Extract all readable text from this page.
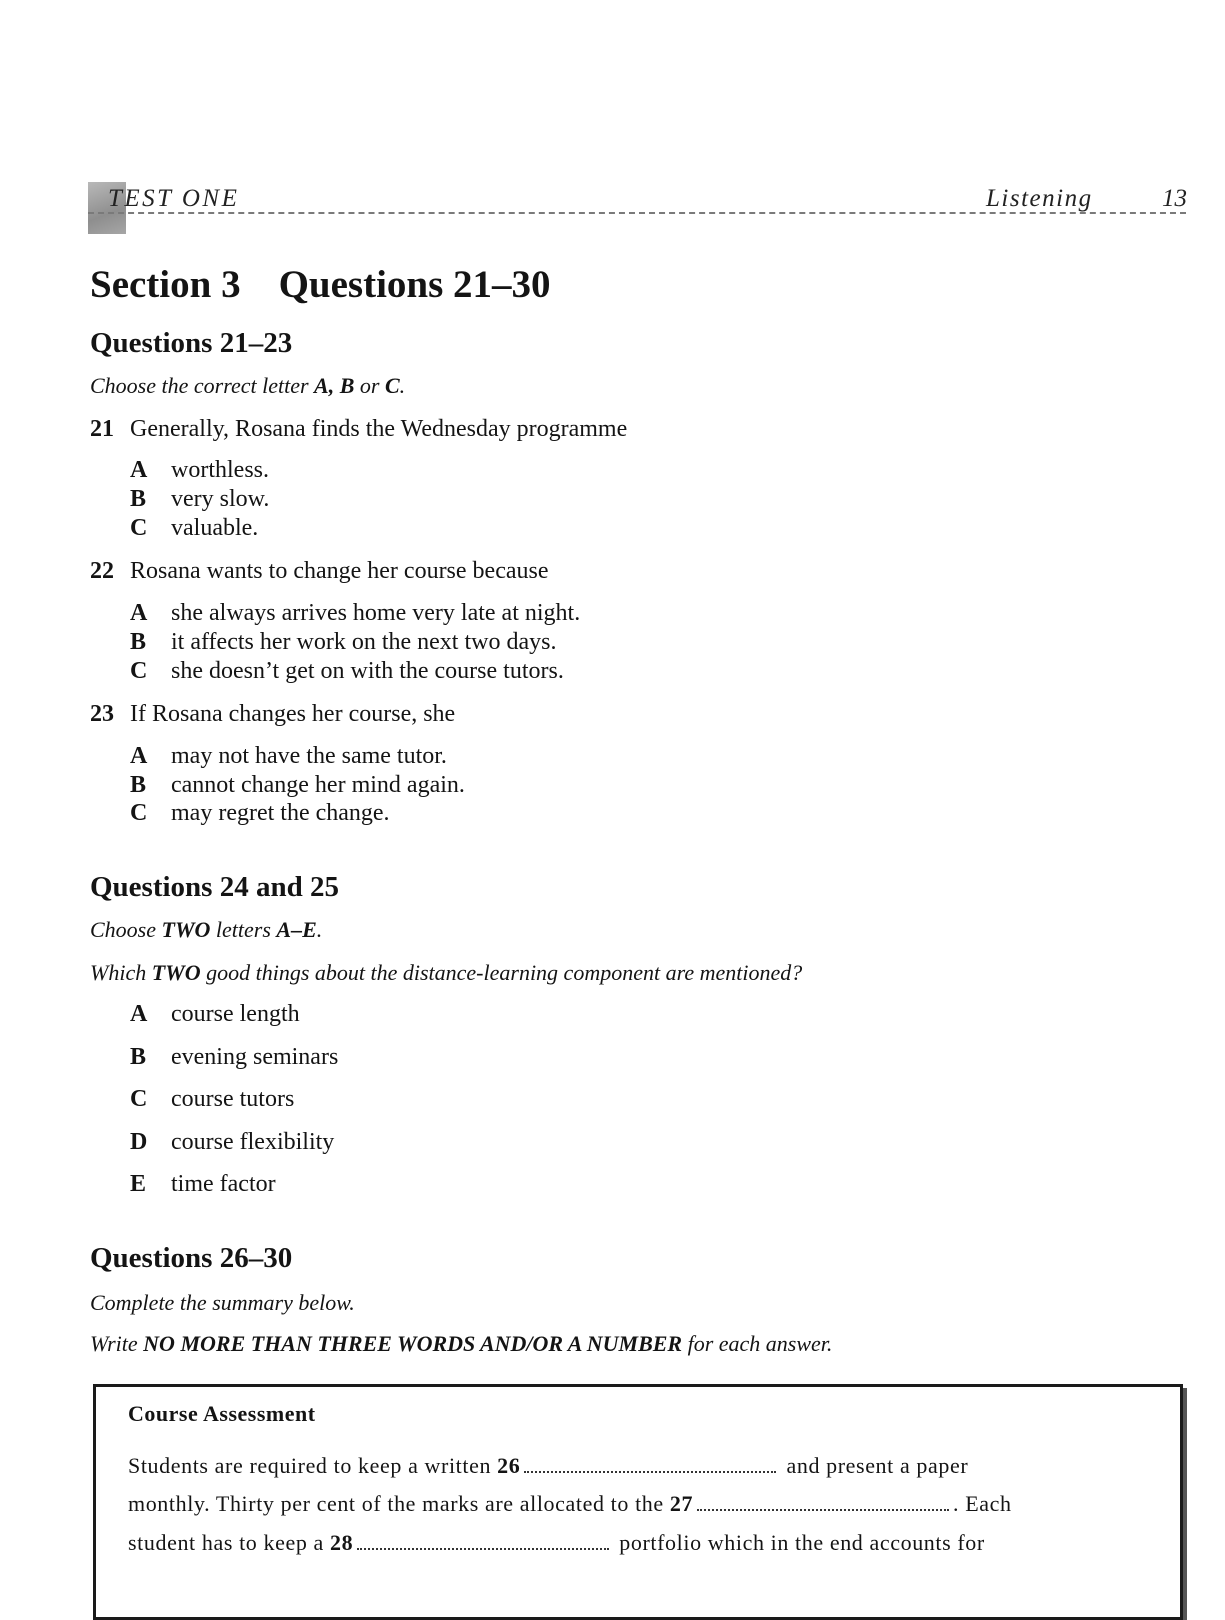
TEST ONE	Listening	13
Section 3 Questions 21–30
Questions 21–23
Choose the correct letter A, B or C.
21 Generally, Rosana finds the Wednesday programme
A worthless.
B very slow.
C valuable.
22 Rosana wants to change her course because
A she always arrives home very late at night.
B it affects her work on the next two days.
C she doesn’t get on with the course tutors.
23 If Rosana changes her course, she
A may not have the same tutor.
B cannot change her mind again.
C may regret the change.
Questions 24 and 25
Choose TWO letters A–E.
Which TWO good things about the distance-learning component are mentioned?
A course length
B evening seminars
C course tutors
D course flexibility
E time factor
Questions 26–30
Complete the summary below.
Write NO MORE THAN THREE WORDS AND/OR A NUMBER for each answer.
Course Assessment
Students are required to keep a written 26	and present a paper
monthly. Thirty per cent of the marks are allocated to the 27	. Each
student has to keep a 28	portfolio which in the end accounts for
